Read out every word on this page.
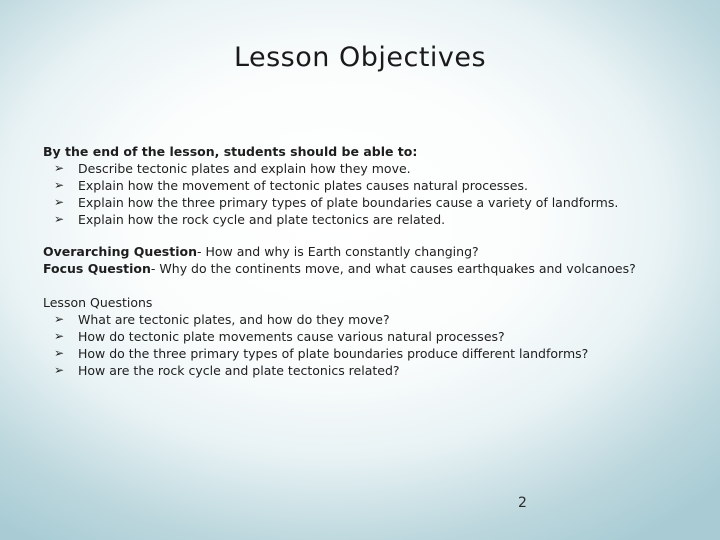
Lesson Objectives
By the end of the lesson, students should be able to:
➢ Describe tectonic plates and explain how they move.
➢ Explain how the movement of tectonic plates causes natural processes.
➢ Explain how the three primary types of plate boundaries cause a variety of landforms.
➢ Explain how the rock cycle and plate tectonics are related.
Overarching Question- How and why is Earth constantly changing?
Focus Question- Why do the continents move, and what causes earthquakes and volcanoes?
Lesson Questions
➢ What are tectonic plates, and how do they move?
➢ How do tectonic plate movements cause various natural processes?
➢ How do the three primary types of plate boundaries produce different landforms?
➢ How are the rock cycle and plate tectonics related?
2
